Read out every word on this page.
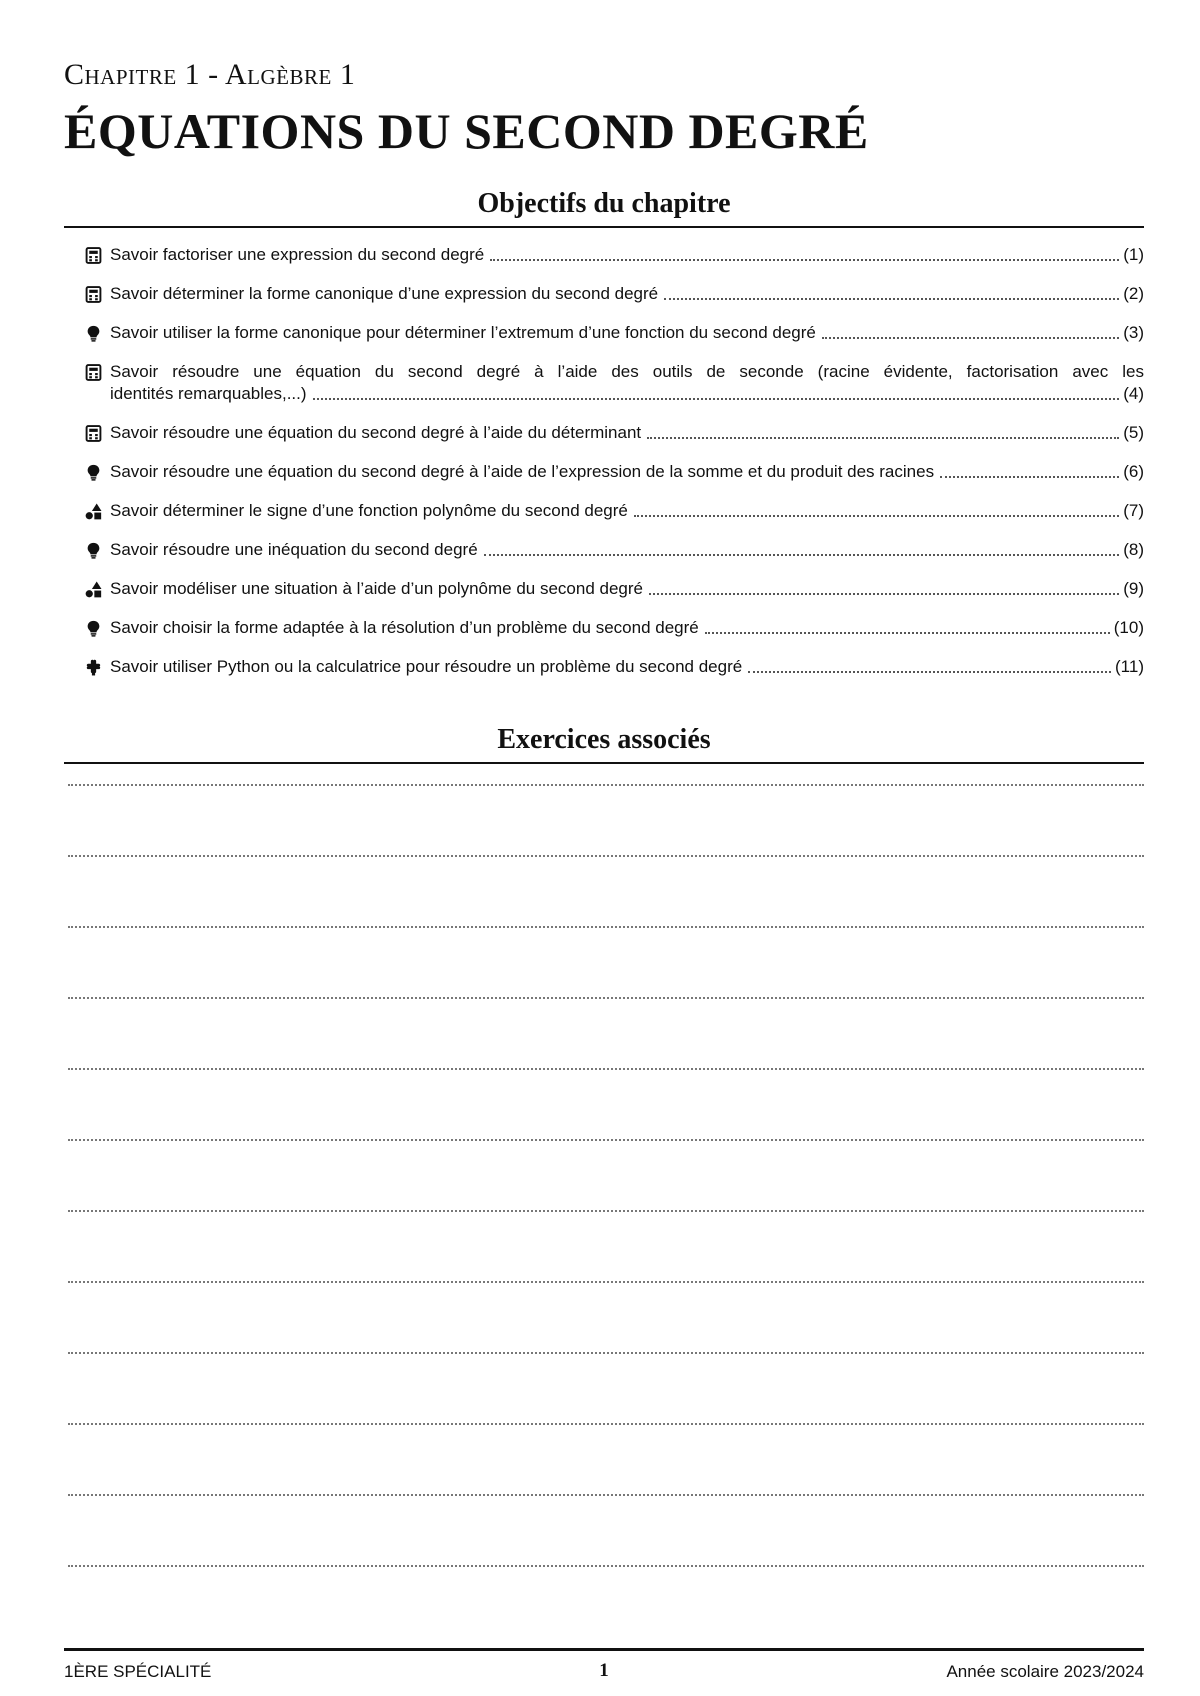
Chapitre 1 - Algèbre 1
ÉQUATIONS DU SECOND DEGRÉ
Objectifs du chapitre
Savoir factoriser une expression du second degré	(1)
Savoir déterminer la forme canonique d’une expression du second degré	(2)
Savoir utiliser la forme canonique pour déterminer l’extremum d’une fonction du second degré	(3)
Savoir résoudre une équation du second degré à l’aide des outils de seconde (racine évidente, factorisation avec les
identités remarquables,...)	(4)
Savoir résoudre une équation du second degré à l’aide du déterminant	(5)
Savoir résoudre une équation du second degré à l’aide de l’expression de la somme et du produit des racines	(6)
Savoir déterminer le signe d’une fonction polynôme du second degré	(7)
Savoir résoudre une inéquation du second degré	(8)
Savoir modéliser une situation à l’aide d’un polynôme du second degré	(9)
Savoir choisir la forme adaptée à la résolution d’un problème du second degré	(10)
Savoir utiliser Python ou la calculatrice pour résoudre un problème du second degré	(11)
Exercices associés
1ÈRE SPÉCIALITÉ	1	Année scolaire 2023/2024
